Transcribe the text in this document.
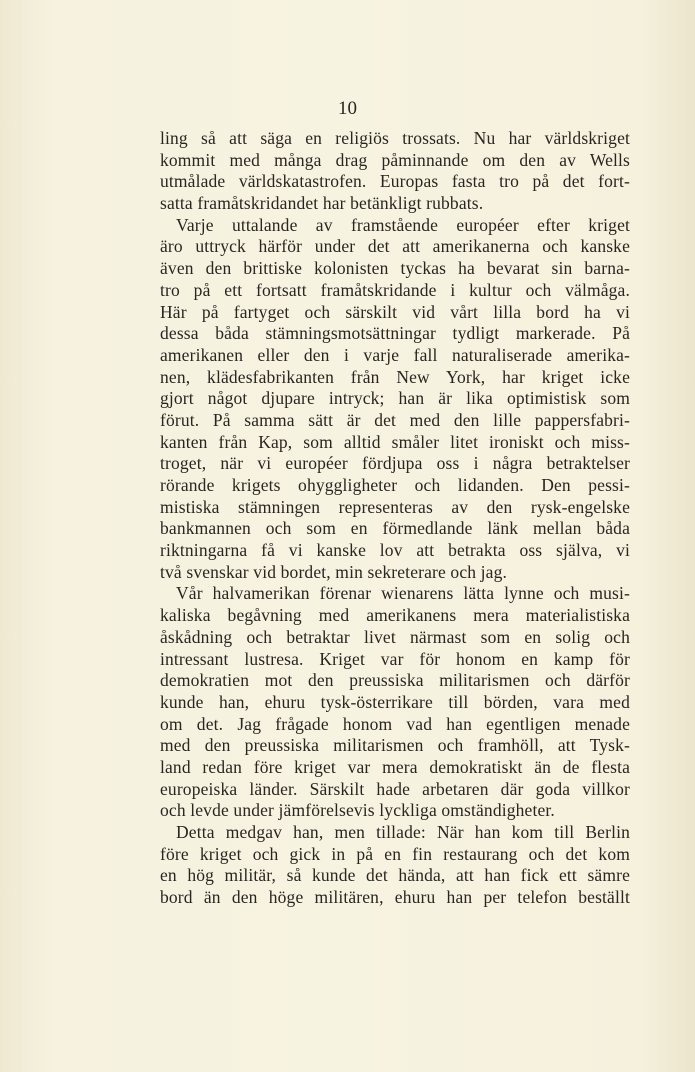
10
ling så att säga en religiös trossats. Nu har världskriget
kommit med många drag påminnande om den av Wells
utmålade världskatastrofen. Europas fasta tro på det fort-
satta framåtskridandet har betänkligt rubbats.
Varje uttalande av framstående européer efter kriget
äro uttryck härför under det att amerikanerna och kanske
även den brittiske kolonisten tyckas ha bevarat sin barna-
tro på ett fortsatt framåtskridande i kultur och välmåga.
Här på fartyget och särskilt vid vårt lilla bord ha vi
dessa båda stämningsmotsättningar tydligt markerade. På
amerikanen eller den i varje fall naturaliserade amerika-
nen, klädesfabrikanten från New York, har kriget icke
gjort något djupare intryck; han är lika optimistisk som
förut. På samma sätt är det med den lille pappersfabri-
kanten från Kap, som alltid småler litet ironiskt och miss-
troget, när vi européer fördjupa oss i några betraktelser
rörande krigets ohyggligheter och lidanden. Den pessi-
mistiska stämningen representeras av den rysk-engelske
bankmannen och som en förmedlande länk mellan båda
riktningarna få vi kanske lov att betrakta oss själva, vi
två svenskar vid bordet, min sekreterare och jag.
Vår halvamerikan förenar wienarens lätta lynne och musi-
kaliska begåvning med amerikanens mera materialistiska
åskådning och betraktar livet närmast som en solig och
intressant lustresa. Kriget var för honom en kamp för
demokratien mot den preussiska militarismen och därför
kunde han, ehuru tysk-österrikare till börden, vara med
om det. Jag frågade honom vad han egentligen menade
med den preussiska militarismen och framhöll, att Tysk-
land redan före kriget var mera demokratiskt än de flesta
europeiska länder. Särskilt hade arbetaren där goda villkor
och levde under jämförelsevis lyckliga omständigheter.
Detta medgav han, men tillade: När han kom till Berlin
före kriget och gick in på en fin restaurang och det kom
en hög militär, så kunde det hända, att han fick ett sämre
bord än den höge militären, ehuru han per telefon beställt
